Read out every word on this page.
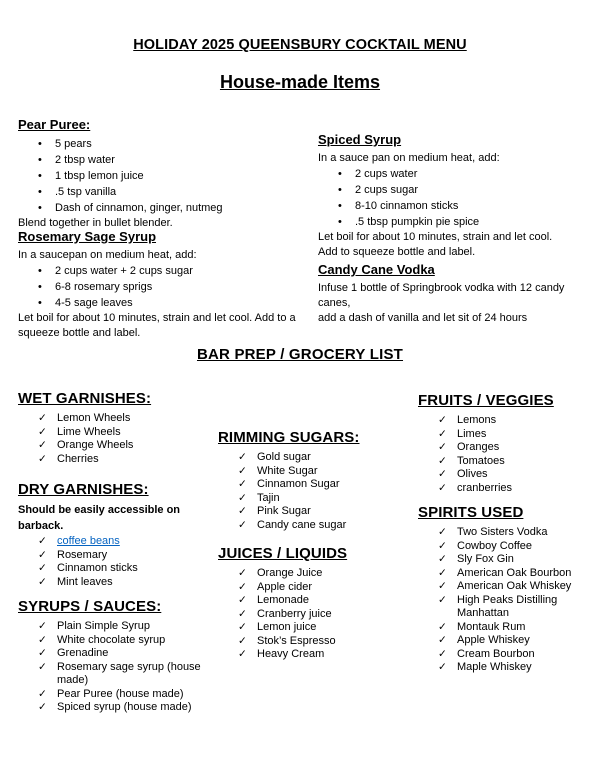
HOLIDAY 2025 QUEENSBURY COCKTAIL MENU
House-made Items
Pear Puree:
•	5 pears
•	2 tbsp water
•	1 tbsp lemon juice
•	.5 tsp vanilla
•	Dash of cinnamon, ginger, nutmeg
Blend together in bullet blender.
Rosemary Sage Syrup
In a saucepan on medium heat, add:
•	2 cups water + 2 cups sugar
•	6-8 rosemary sprigs
•	4-5 sage leaves
Let boil for about 10 minutes, strain and let cool. Add to a
squeeze bottle and label.
Spiced Syrup
In a sauce pan on medium heat, add:
•	2 cups water
•	2 cups sugar
•	8-10 cinnamon sticks
•	.5 tbsp pumpkin pie spice
Let boil for about 10 minutes, strain and let cool.
Add to squeeze bottle and label.
Candy Cane Vodka
Infuse 1 bottle of Springbrook vodka with 12 candy canes,
add a dash of vanilla and let sit of 24 hours
BAR PREP / GROCERY LIST
WET GARNISHES:
✓ Lemon Wheels
✓ Lime Wheels
✓ Orange Wheels
✓ Cherries
DRY GARNISHES:
Should be easily accessible on
barback.
✓ coffee beans
✓ Rosemary
✓ Cinnamon sticks
✓ Mint leaves
SYRUPS / SAUCES:
✓ Plain Simple Syrup
✓ White chocolate syrup
✓ Grenadine
✓ Rosemary sage syrup (house made)
✓ Pear Puree (house made)
✓ Spiced syrup (house made)
RIMMING SUGARS:
✓ Gold sugar
✓ White Sugar
✓ Cinnamon Sugar
✓ Tajin
✓ Pink Sugar
✓ Candy cane sugar
JUICES / LIQUIDS
✓ Orange Juice
✓ Apple cider
✓ Lemonade
✓ Cranberry juice
✓ Lemon juice
✓ Stok’s Espresso
✓ Heavy Cream
FRUITS / VEGGIES
✓ Lemons
✓ Limes
✓ Oranges
✓ Tomatoes
✓ Olives
✓ cranberries
SPIRITS USED
✓ Two Sisters Vodka
✓ Cowboy Coffee
✓ Sly Fox Gin
✓ American Oak Bourbon
✓ American Oak Whiskey
✓ High Peaks Distilling Manhattan
✓ Montauk Rum
✓ Apple Whiskey
✓ Cream Bourbon
✓ Maple Whiskey
